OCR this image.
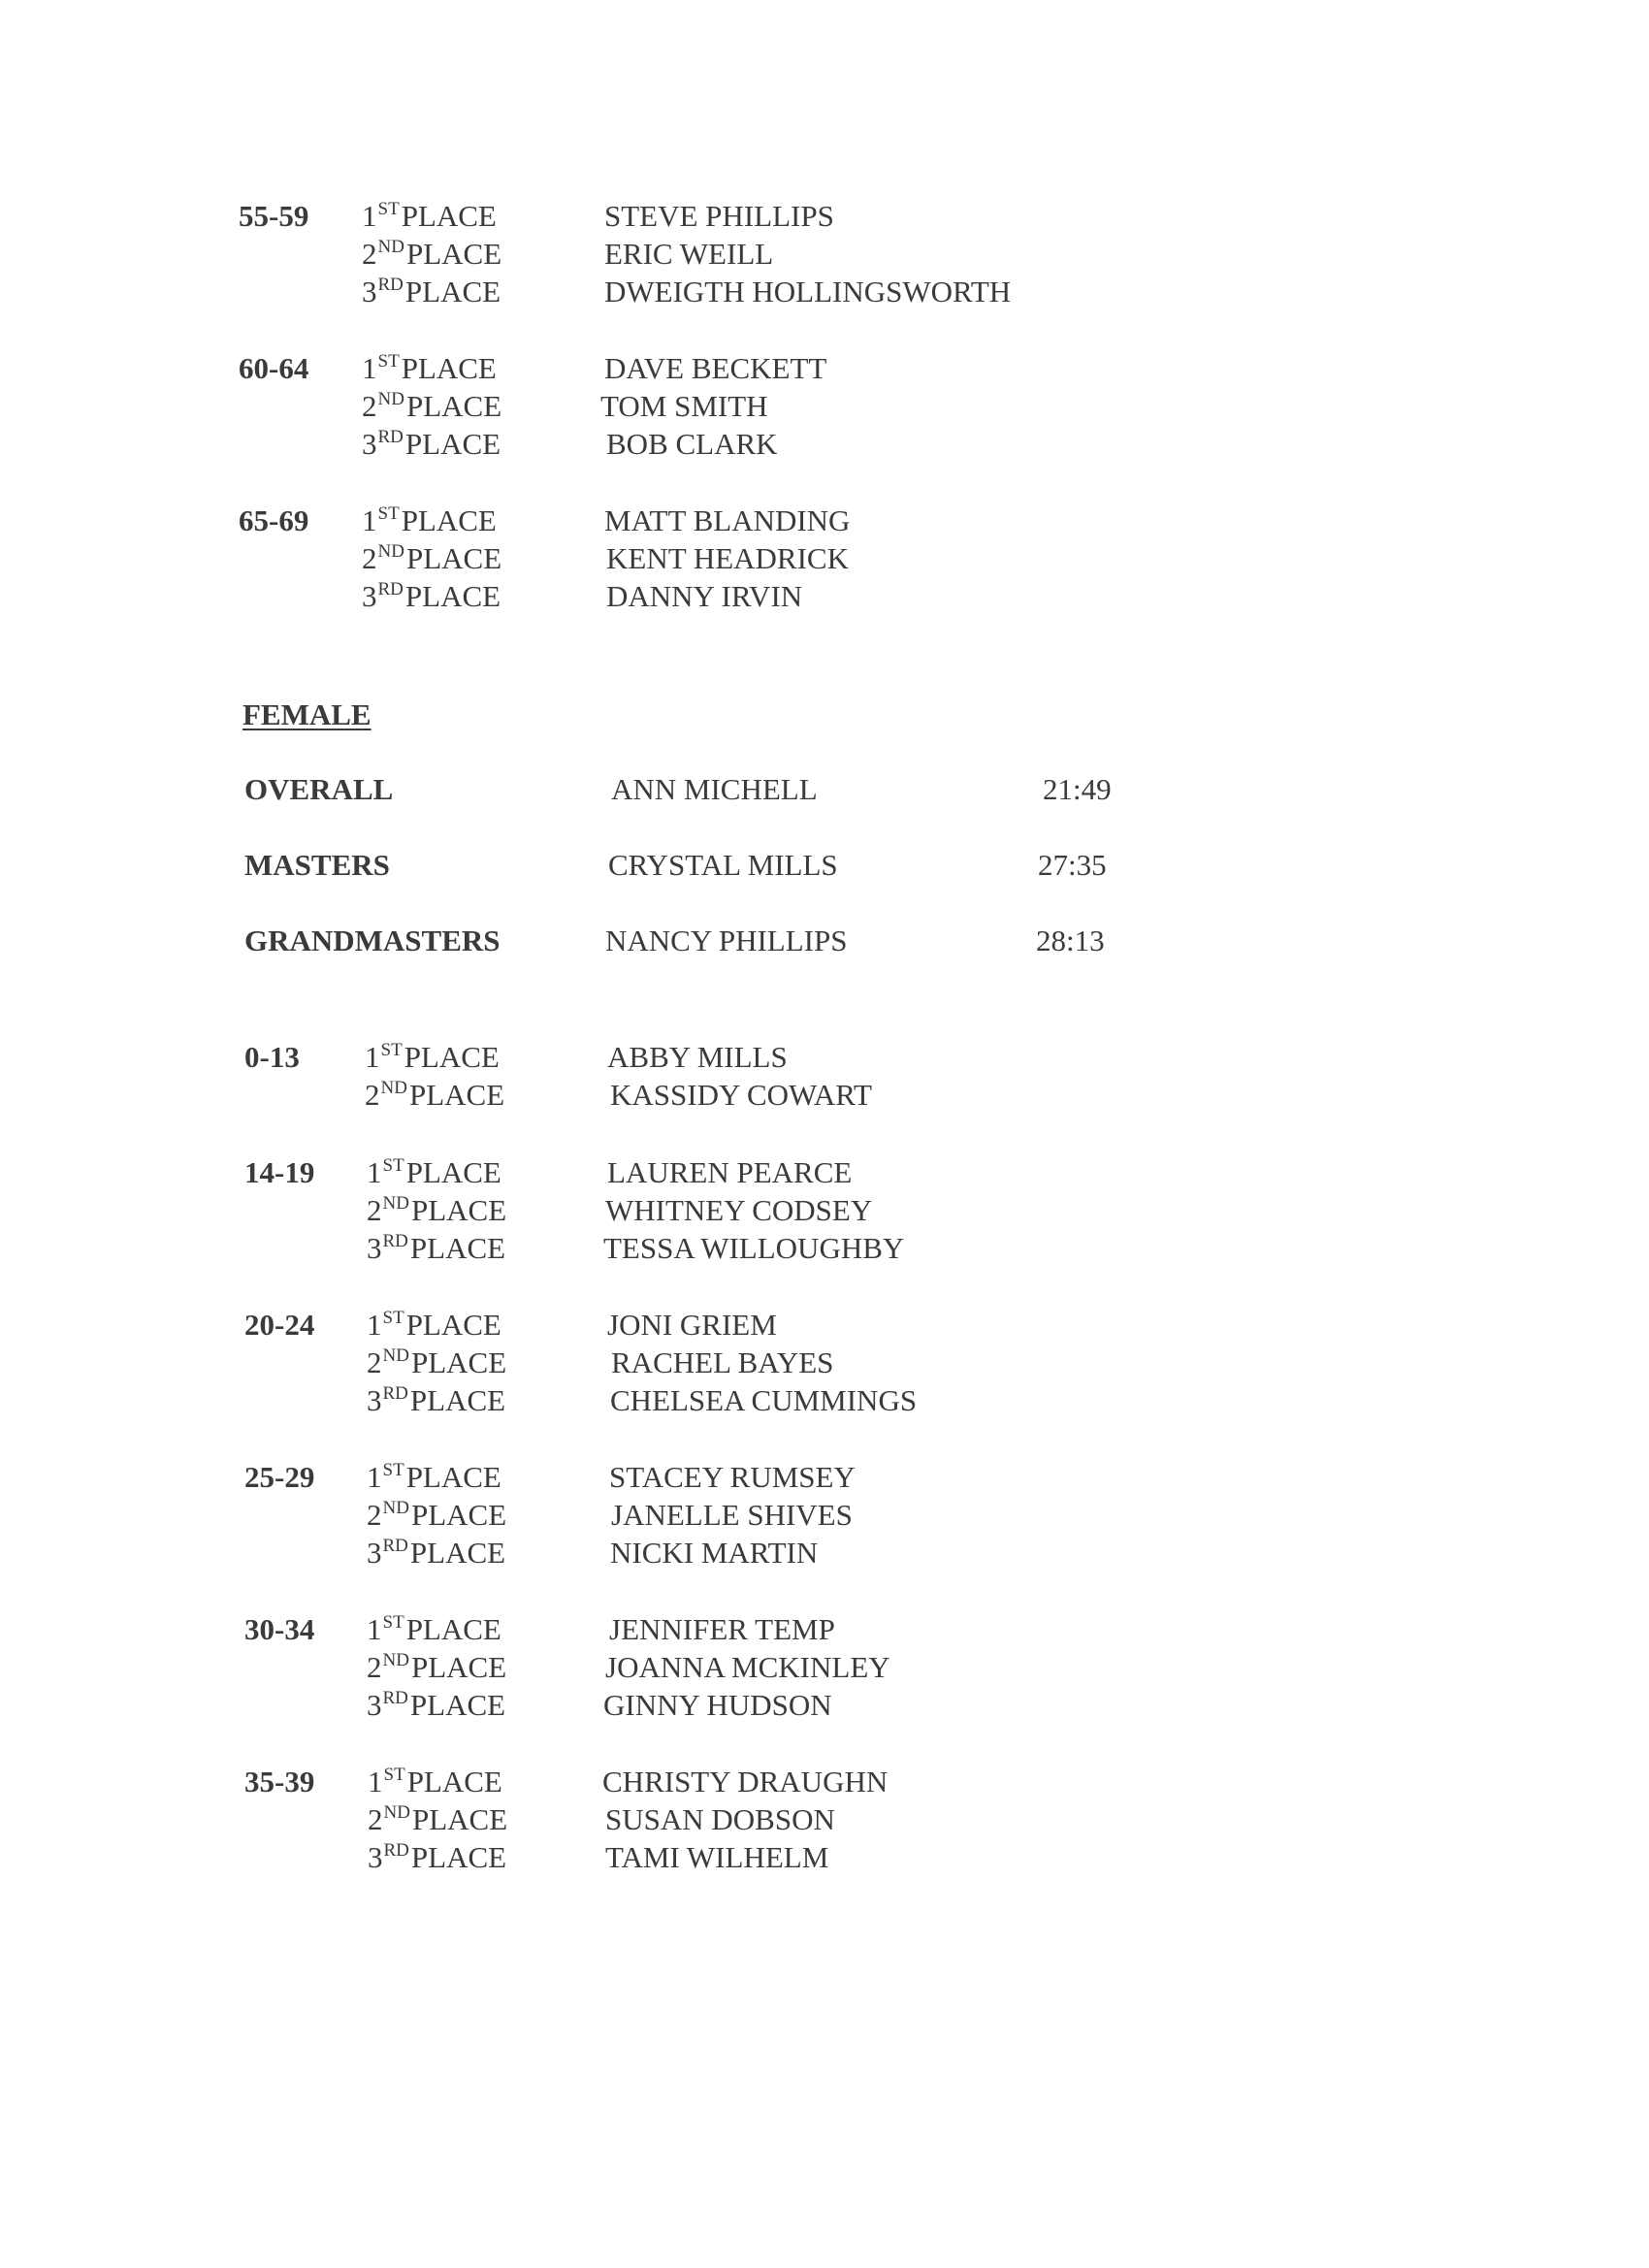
55-59 1STPLACE	STEVE PHILLIPS
2NDPLACE	ERIC WEILL
3RDPLACE	DWEIGTH HOLLINGSWORTH
60-64 1STPLACE	DAVE BECKETT
2NDPLACE	TOM SMITH
3RDPLACE	BOB CLARK
65-69 1STPLACE	MATT BLANDING
2NDPLACE	KENT HEADRICK
3RDPLACE	DANNY IRVIN
FEMALE
OVERALL	ANN MICHELL	21:49
MASTERS	CRYSTAL MILLS	27:35
GRANDMASTERS	NANCY PHILLIPS	28:13
0-13 1STPLACE	ABBY MILLS
2NDPLACE	KASSIDY COWART
14-19 1STPLACE	LAUREN PEARCE
2NDPLACE	WHITNEY CODSEY
3RDPLACE	TESSA WILLOUGHBY
20-24 1STPLACE	JONI GRIEM
2NDPLACE	RACHEL BAYES
3RDPLACE	CHELSEA CUMMINGS
25-29 1STPLACE	STACEY RUMSEY
2NDPLACE	JANELLE SHIVES
3RDPLACE	NICKI MARTIN
30-34 1STPLACE	JENNIFER TEMP
2NDPLACE	JOANNA MCKINLEY
3RDPLACE	GINNY HUDSON
35-39 1STPLACE	CHRISTY DRAUGHN
2NDPLACE	SUSAN DOBSON
3RDPLACE	TAMI WILHELM
